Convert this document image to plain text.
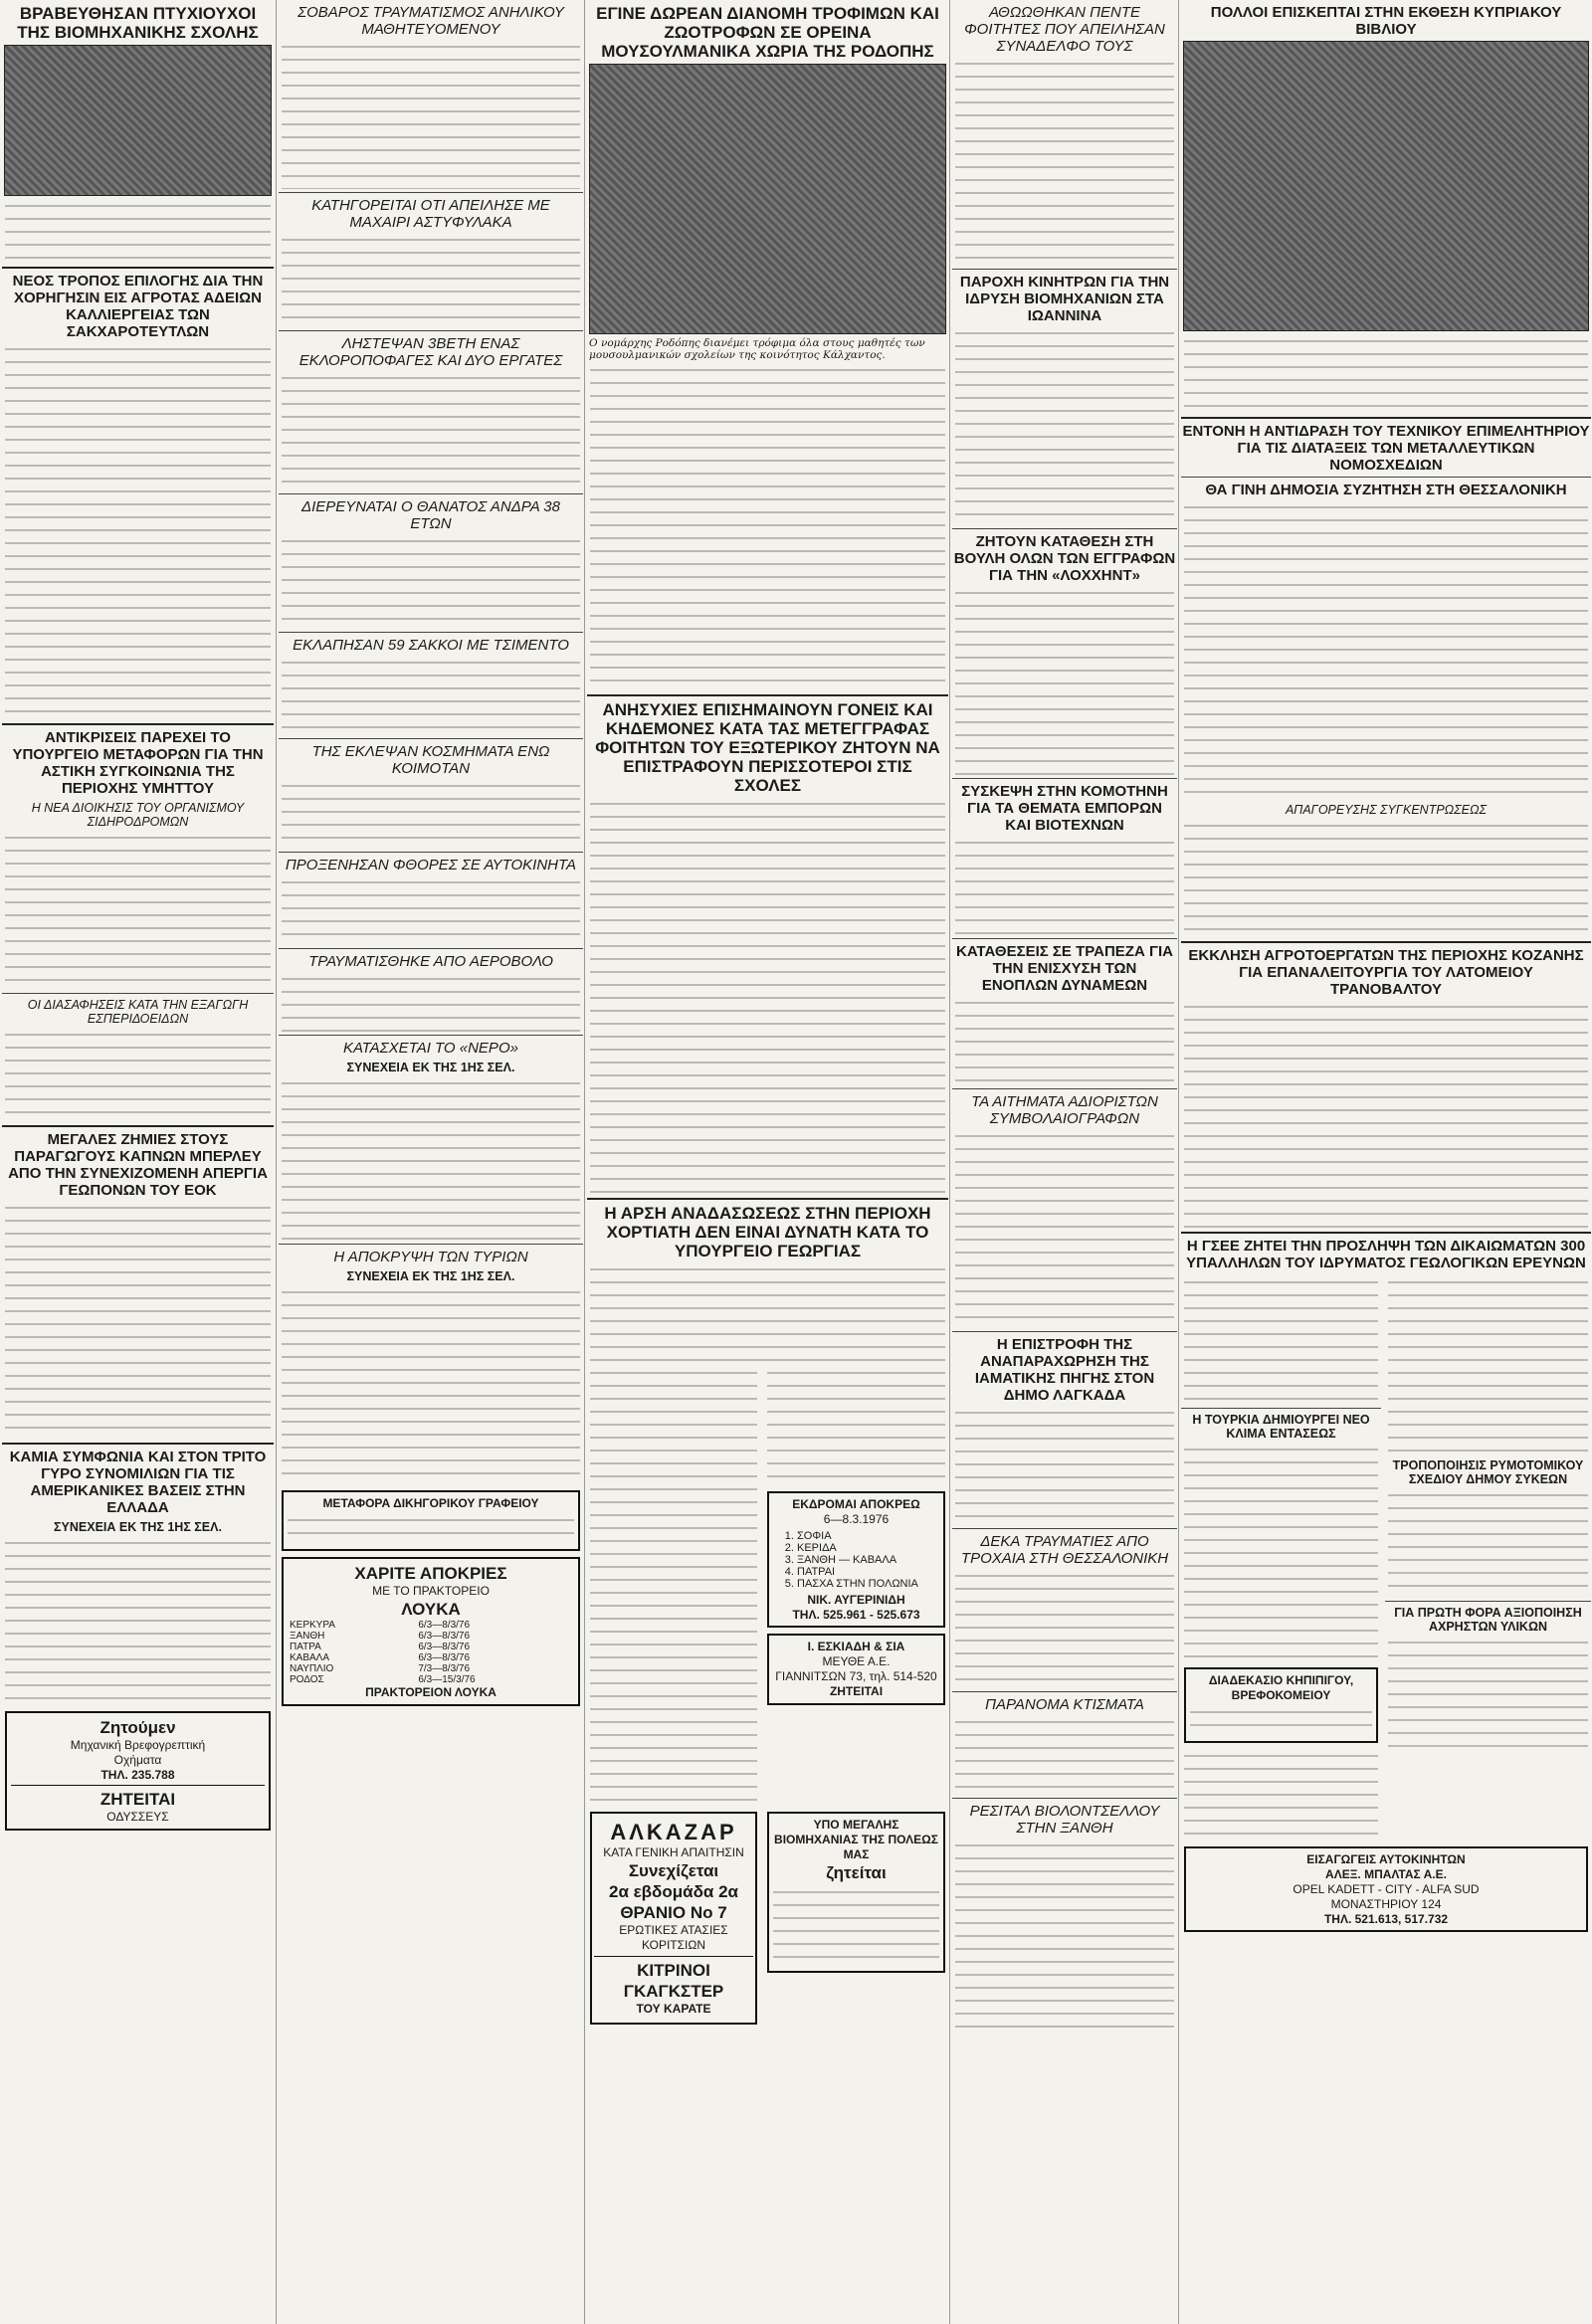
ΒΡΑΒΕΥΘΗΣΑΝ ΠΤΥΧΙΟΥΧΟΙ ΤΗΣ ΒΙΟΜΗΧΑΝΙΚΗΣ ΣΧΟΛΗΣ
ΝΕΟΣ ΤΡΟΠΟΣ ΕΠΙΛΟΓΗΣ ΔΙΑ ΤΗΝ ΧΟΡΗΓΗΣΙΝ ΕΙΣ ΑΓΡΟΤΑΣ ΑΔΕΙΩΝ ΚΑΛΛΙΕΡΓΕΙΑΣ ΤΩΝ ΣΑΚΧΑΡΟΤΕΥΤΛΩΝ
ΑΝΤΙΚΡΙΣΕΙΣ ΠΑΡΕΧΕΙ ΤΟ ΥΠΟΥΡΓΕΙΟ ΜΕΤΑΦΟΡΩΝ ΓΙΑ ΤΗΝ ΑΣΤΙΚΗ ΣΥΓΚΟΙΝΩΝΙΑ ΤΗΣ ΠΕΡΙΟΧΗΣ ΥΜΗΤΤΟΥ
Η ΝΕΑ ΔΙΟΙΚΗΣΙΣ ΤΟΥ ΟΡΓΑΝΙΣΜΟΥ ΣΙΔΗΡΟΔΡΟΜΩΝ
ΟΙ ΔΙΑΣΑΦΗΣΕΙΣ ΚΑΤΑ ΤΗΝ ΕΞΑΓΩΓΗ ΕΣΠΕΡΙΔΟΕΙΔΩΝ
ΜΕΓΑΛΕΣ ΖΗΜΙΕΣ ΣΤΟΥΣ ΠΑΡΑΓΩΓΟΥΣ ΚΑΠΝΩΝ ΜΠΕΡΛΕΥ ΑΠΟ ΤΗΝ ΣΥΝΕΧΙΖΟΜΕΝΗ ΑΠΕΡΓΙΑ ΓΕΩΠΟΝΩΝ ΤΟΥ ΕΟΚ
ΚΑΜΙΑ ΣΥΜΦΩΝΙΑ ΚΑΙ ΣΤΟΝ ΤΡΙΤΟ ΓΥΡΟ ΣΥΝΟΜΙΛΙΩΝ ΓΙΑ ΤΙΣ ΑΜΕΡΙΚΑΝΙΚΕΣ ΒΑΣΕΙΣ ΣΤΗΝ ΕΛΛΑΔΑ
ΣΥΝΕΧΕΙΑ ΕΚ ΤΗΣ 1ΗΣ ΣΕΛ.
Ζητούμεν
Μηχανική Βρεφογρεπτική
Οχήματα
ΤΗΛ. 235.788
ΖΗΤΕΙΤΑΙ
ΟΔΥΣΣΕΥΣ
ΣΟΒΑΡΟΣ ΤΡΑΥΜΑΤΙΣΜΟΣ ΑΝΗΛΙΚΟΥ ΜΑΘΗΤΕΥΟΜΕΝΟΥ
ΚΑΤΗΓΟΡΕΙΤΑΙ ΟΤΙ ΑΠΕΙΛΗΣΕ ΜΕ ΜΑΧΑΙΡΙ ΑΣΤΥΦΥΛΑΚΑ
ΛΗΣΤΕΨΑΝ 3ΒΕΤΗ ΕΝΑΣ ΕΚΛΟΡΟΠΟΦΑΓΕΣ ΚΑΙ ΔΥΟ ΕΡΓΑΤΕΣ
ΔΙΕΡΕΥΝΑΤΑΙ Ο ΘΑΝΑΤΟΣ ΑΝΔΡΑ 38 ΕΤΩΝ
ΕΚΛΑΠΗΣΑΝ 59 ΣΑΚΚΟΙ ΜΕ ΤΣΙΜΕΝΤΟ
ΤΗΣ ΕΚΛΕΨΑΝ ΚΟΣΜΗΜΑΤΑ ΕΝΩ ΚΟΙΜΟΤΑΝ
ΠΡΟΞΕΝΗΣΑΝ ΦΘΟΡΕΣ ΣΕ ΑΥΤΟΚΙΝΗΤΑ
ΤΡΑΥΜΑΤΙΣΘΗΚΕ ΑΠΟ ΑΕΡΟΒΟΛΟ
ΚΑΤΑΣΧΕΤΑΙ ΤΟ «ΝΕΡΟ»
ΣΥΝΕΧΕΙΑ ΕΚ ΤΗΣ 1ΗΣ ΣΕΛ.
Η ΑΠΟΚΡΥΨΗ ΤΩΝ ΤΥΡΙΩΝ
ΣΥΝΕΧΕΙΑ ΕΚ ΤΗΣ 1ΗΣ ΣΕΛ.
ΜΕΤΑΦΟΡΑ ΔΙΚΗΓΟΡΙΚΟΥ ΓΡΑΦΕΙΟΥ
ΧΑΡΙΤΕ ΑΠΟΚΡΙΕΣ
ΜΕ ΤΟ ΠΡΑΚΤΟΡΕΙΟ
ΛΟΥΚΑ
ΚΕΡΚΥΡΑ	6/3—8/3/76
ΞΑΝΘΗ	6/3—8/3/76
ΠΑΤΡΑ	6/3—8/3/76
ΚΑΒΑΛΑ	6/3—8/3/76
ΝΑΥΠΛΙΟ	7/3—8/3/76
ΡΟΔΟΣ	6/3—15/3/76
ΠΡΑΚΤΟΡΕΙΟΝ ΛΟΥΚΑ
ΕΓΙΝΕ ΔΩΡΕΑΝ ΔΙΑΝΟΜΗ ΤΡΟΦΙΜΩΝ ΚΑΙ ΖΩΟΤΡΟΦΩΝ ΣΕ ΟΡΕΙΝΑ ΜΟΥΣΟΥΛΜΑΝΙΚΑ ΧΩΡΙΑ ΤΗΣ ΡΟΔΟΠΗΣ
Ο νομάρχης Ροδόπης διανέμει τρόφιμα όλα στους μαθητές των μουσουλμανικών σχολείων της κοινότητος Κάλχαντος.
ΑΝΗΣΥΧΙΕΣ ΕΠΙΣΗΜΑΙΝΟΥΝ ΓΟΝΕΙΣ ΚΑΙ ΚΗΔΕΜΟΝΕΣ ΚΑΤΑ ΤΑΣ ΜΕΤΕΓΓΡΑΦΑΣ ΦΟΙΤΗΤΩΝ ΤΟΥ ΕΞΩΤΕΡΙΚΟΥ ΖΗΤΟΥΝ ΝΑ ΕΠΙΣΤΡΑΦΟΥΝ ΠΕΡΙΣΣΟΤΕΡΟΙ ΣΤΙΣ ΣΧΟΛΕΣ
Η ΑΡΣΗ ΑΝΑΔΑΣΩΣΕΩΣ ΣΤΗΝ ΠΕΡΙΟΧΗ ΧΟΡΤΙΑΤΗ ΔΕΝ ΕΙΝΑΙ ΔΥΝΑΤΗ ΚΑΤΑ ΤΟ ΥΠΟΥΡΓΕΙΟ ΓΕΩΡΓΙΑΣ
ΕΚΔΡΟΜΑΙ ΑΠΟΚΡΕΩ
6—8.3.1976
1. ΣΟΦΙΑ
2. ΚΕΡΙΔΑ
3. ΞΑΝΘΗ — ΚΑΒΑΛΑ
4. ΠΑΤΡΑΙ
5. ΠΑΣΧΑ ΣΤΗΝ ΠΟΛΩΝΙΑ
ΝΙΚ. ΑΥΓΕΡΙΝΙΔΗ
ΤΗΛ. 525.961 - 525.673
Ι. ΕΣΚΙΑΔΗ & ΣΙΑ
ΜΕΥΘΕ Α.Ε.
ΓΙΑΝΝΙΤΣΩΝ 73, τηλ. 514-520
ΖΗΤΕΙΤΑΙ
ΑΛΚΑΖΑΡ
ΚΑΤΑ ΓΕΝΙΚΗ ΑΠΑΙΤΗΣΙΝ
Συνεχίζεται
2α εβδομάδα 2α
ΘΡΑΝΙΟ Νο 7
ΕΡΩΤΙΚΕΣ ΑΤΑΣΙΕΣ ΚΟΡΙΤΣΙΩΝ
ΚΙΤΡΙΝΟΙ ΓΚΑΓΚΣΤΕΡ
ΤΟΥ ΚΑΡΑΤΕ
ΥΠΟ ΜΕΓΑΛΗΣ ΒΙΟΜΗΧΑΝΙΑΣ ΤΗΣ ΠΟΛΕΩΣ ΜΑΣ
ζητείται
ΑΘΩΩΘΗΚΑΝ ΠΕΝΤΕ ΦΟΙΤΗΤΕΣ ΠΟΥ ΑΠΕΙΛΗΣΑΝ ΣΥΝΑΔΕΛΦΟ ΤΟΥΣ
ΠΑΡΟΧΗ ΚΙΝΗΤΡΩΝ ΓΙΑ ΤΗΝ ΙΔΡΥΣΗ ΒΙΟΜΗΧΑΝΙΩΝ ΣΤΑ ΙΩΑΝΝΙΝΑ
ΖΗΤΟΥΝ ΚΑΤΑΘΕΣΗ ΣΤΗ ΒΟΥΛΗ ΟΛΩΝ ΤΩΝ ΕΓΓΡΑΦΩΝ ΓΙΑ ΤΗΝ «ΛΟΧΧΗΝΤ»
ΣΥΣΚΕΨΗ ΣΤΗΝ ΚΟΜΟΤΗΝΗ ΓΙΑ ΤΑ ΘΕΜΑΤΑ ΕΜΠΟΡΩΝ ΚΑΙ ΒΙΟΤΕΧΝΩΝ
ΚΑΤΑΘΕΣΕΙΣ ΣΕ ΤΡΑΠΕΖΑ ΓΙΑ ΤΗΝ ΕΝΙΣΧΥΣΗ ΤΩΝ ΕΝΟΠΛΩΝ ΔΥΝΑΜΕΩΝ
ΤΑ ΑΙΤΗΜΑΤΑ ΑΔΙΟΡΙΣΤΩΝ ΣΥΜΒΟΛΑΙΟΓΡΑΦΩΝ
Η ΕΠΙΣΤΡΟΦΗ ΤΗΣ ΑΝΑΠΑΡΑΧΩΡΗΣΗ ΤΗΣ ΙΑΜΑΤΙΚΗΣ ΠΗΓΗΣ ΣΤΟΝ ΔΗΜΟ ΛΑΓΚΑΔΑ
ΔΕΚΑ ΤΡΑΥΜΑΤΙΕΣ ΑΠΟ ΤΡΟΧΑΙΑ ΣΤΗ ΘΕΣΣΑΛΟΝΙΚΗ
ΠΑΡΑΝΟΜΑ ΚΤΙΣΜΑΤΑ
ΡΕΣΙΤΑΛ ΒΙΟΛΟΝΤΣΕΛΛΟΥ ΣΤΗΝ ΞΑΝΘΗ
ΠΟΛΛΟΙ ΕΠΙΣΚΕΠΤΑΙ ΣΤΗΝ ΕΚΘΕΣΗ ΚΥΠΡΙΑΚΟΥ ΒΙΒΛΙΟΥ
ΕΝΤΟΝΗ Η ΑΝΤΙΔΡΑΣΗ ΤΟΥ ΤΕΧΝΙΚΟΥ ΕΠΙΜΕΛΗΤΗΡΙΟΥ ΓΙΑ ΤΙΣ ΔΙΑΤΑΞΕΙΣ ΤΩΝ ΜΕΤΑΛΛΕΥΤΙΚΩΝ ΝΟΜΟΣΧΕΔΙΩΝ
ΘΑ ΓΙΝΗ ΔΗΜΟΣΙΑ ΣΥΖΗΤΗΣΗ ΣΤΗ ΘΕΣΣΑΛΟΝΙΚΗ
ΑΠΑΓΟΡΕΥΣΗΣ ΣΥΓΚΕΝΤΡΩΣΕΩΣ
ΕΚΚΛΗΣΗ ΑΓΡΟΤΟΕΡΓΑΤΩΝ ΤΗΣ ΠΕΡΙΟΧΗΣ ΚΟΖΑΝΗΣ ΓΙΑ ΕΠΑΝΑΛΕΙΤΟΥΡΓΙΑ ΤΟΥ ΛΑΤΟΜΕΙΟΥ ΤΡΑΝΟΒΑΛΤΟΥ
Η ΓΣΕΕ ΖΗΤΕΙ ΤΗΝ ΠΡΟΣΛΗΨΗ ΤΩΝ ΔΙΚΑΙΩΜΑΤΩΝ 300 ΥΠΑΛΛΗΛΩΝ ΤΟΥ ΙΔΡΥΜΑΤΟΣ ΓΕΩΛΟΓΙΚΩΝ ΕΡΕΥΝΩΝ
Η ΤΟΥΡΚΙΑ ΔΗΜΙΟΥΡΓΕΙ ΝΕΟ ΚΛΙΜΑ ΕΝΤΑΣΕΩΣ
ΔΙΑΔΕΚΑΣΙΟ ΚΗΠΙΠΙΓΟΥ, ΒΡΕΦΟΚΟΜΕΙΟΥ
ΤΡΟΠΟΠΟΙΗΣΙΣ ΡΥΜΟΤΟΜΙΚΟΥ ΣΧΕΔΙΟΥ ΔΗΜΟΥ ΣΥΚΕΩΝ
ΓΙΑ ΠΡΩΤΗ ΦΟΡΑ ΑΞΙΟΠΟΙΗΣΗ ΑΧΡΗΣΤΩΝ ΥΛΙΚΩΝ
ΕΙΣΑΓΩΓΕΙΣ ΑΥΤΟΚΙΝΗΤΩΝ
ΑΛΕΞ. ΜΠΑΛΤΑΣ Α.Ε.
OPEL KADETT - CITY - ALFA SUD
ΜΟΝΑΣΤΗΡΙΟΥ 124
ΤΗΛ. 521.613, 517.732
